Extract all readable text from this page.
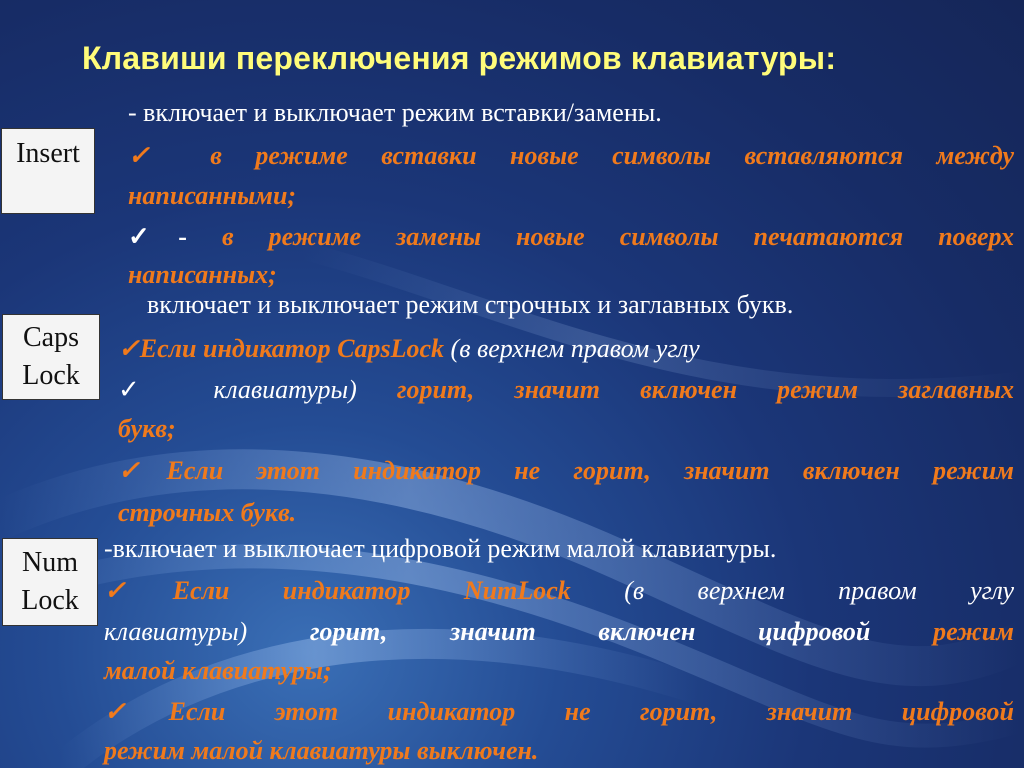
Клавиши переключения режимов клавиатуры:
Insert
Caps
Lock
Num
Lock
- включает и выключает режим вставки/замены.
✓ в режиме вставки новые символы вставляются между
написанными;
✓- в режиме замены новые символы печатаются поверх
написанных;
включает и выключает режим строчных и заглавных букв.
✓Если индикатор CapsLock (в верхнем правом углу
✓ клавиатуры) горит, значит включен режим заглавных
букв;
✓Если этот индикатор не горит, значит включен режим
строчных букв.
-включает и выключает цифровой режим малой клавиатуры.
✓Если индикатор NumLock (в верхнем правом углу
клавиатуры) горит, значит включен цифровой режим
малой клавиатуры;
✓Если этот индикатор не горит, значит цифровой
режим малой клавиатуры выключен.
